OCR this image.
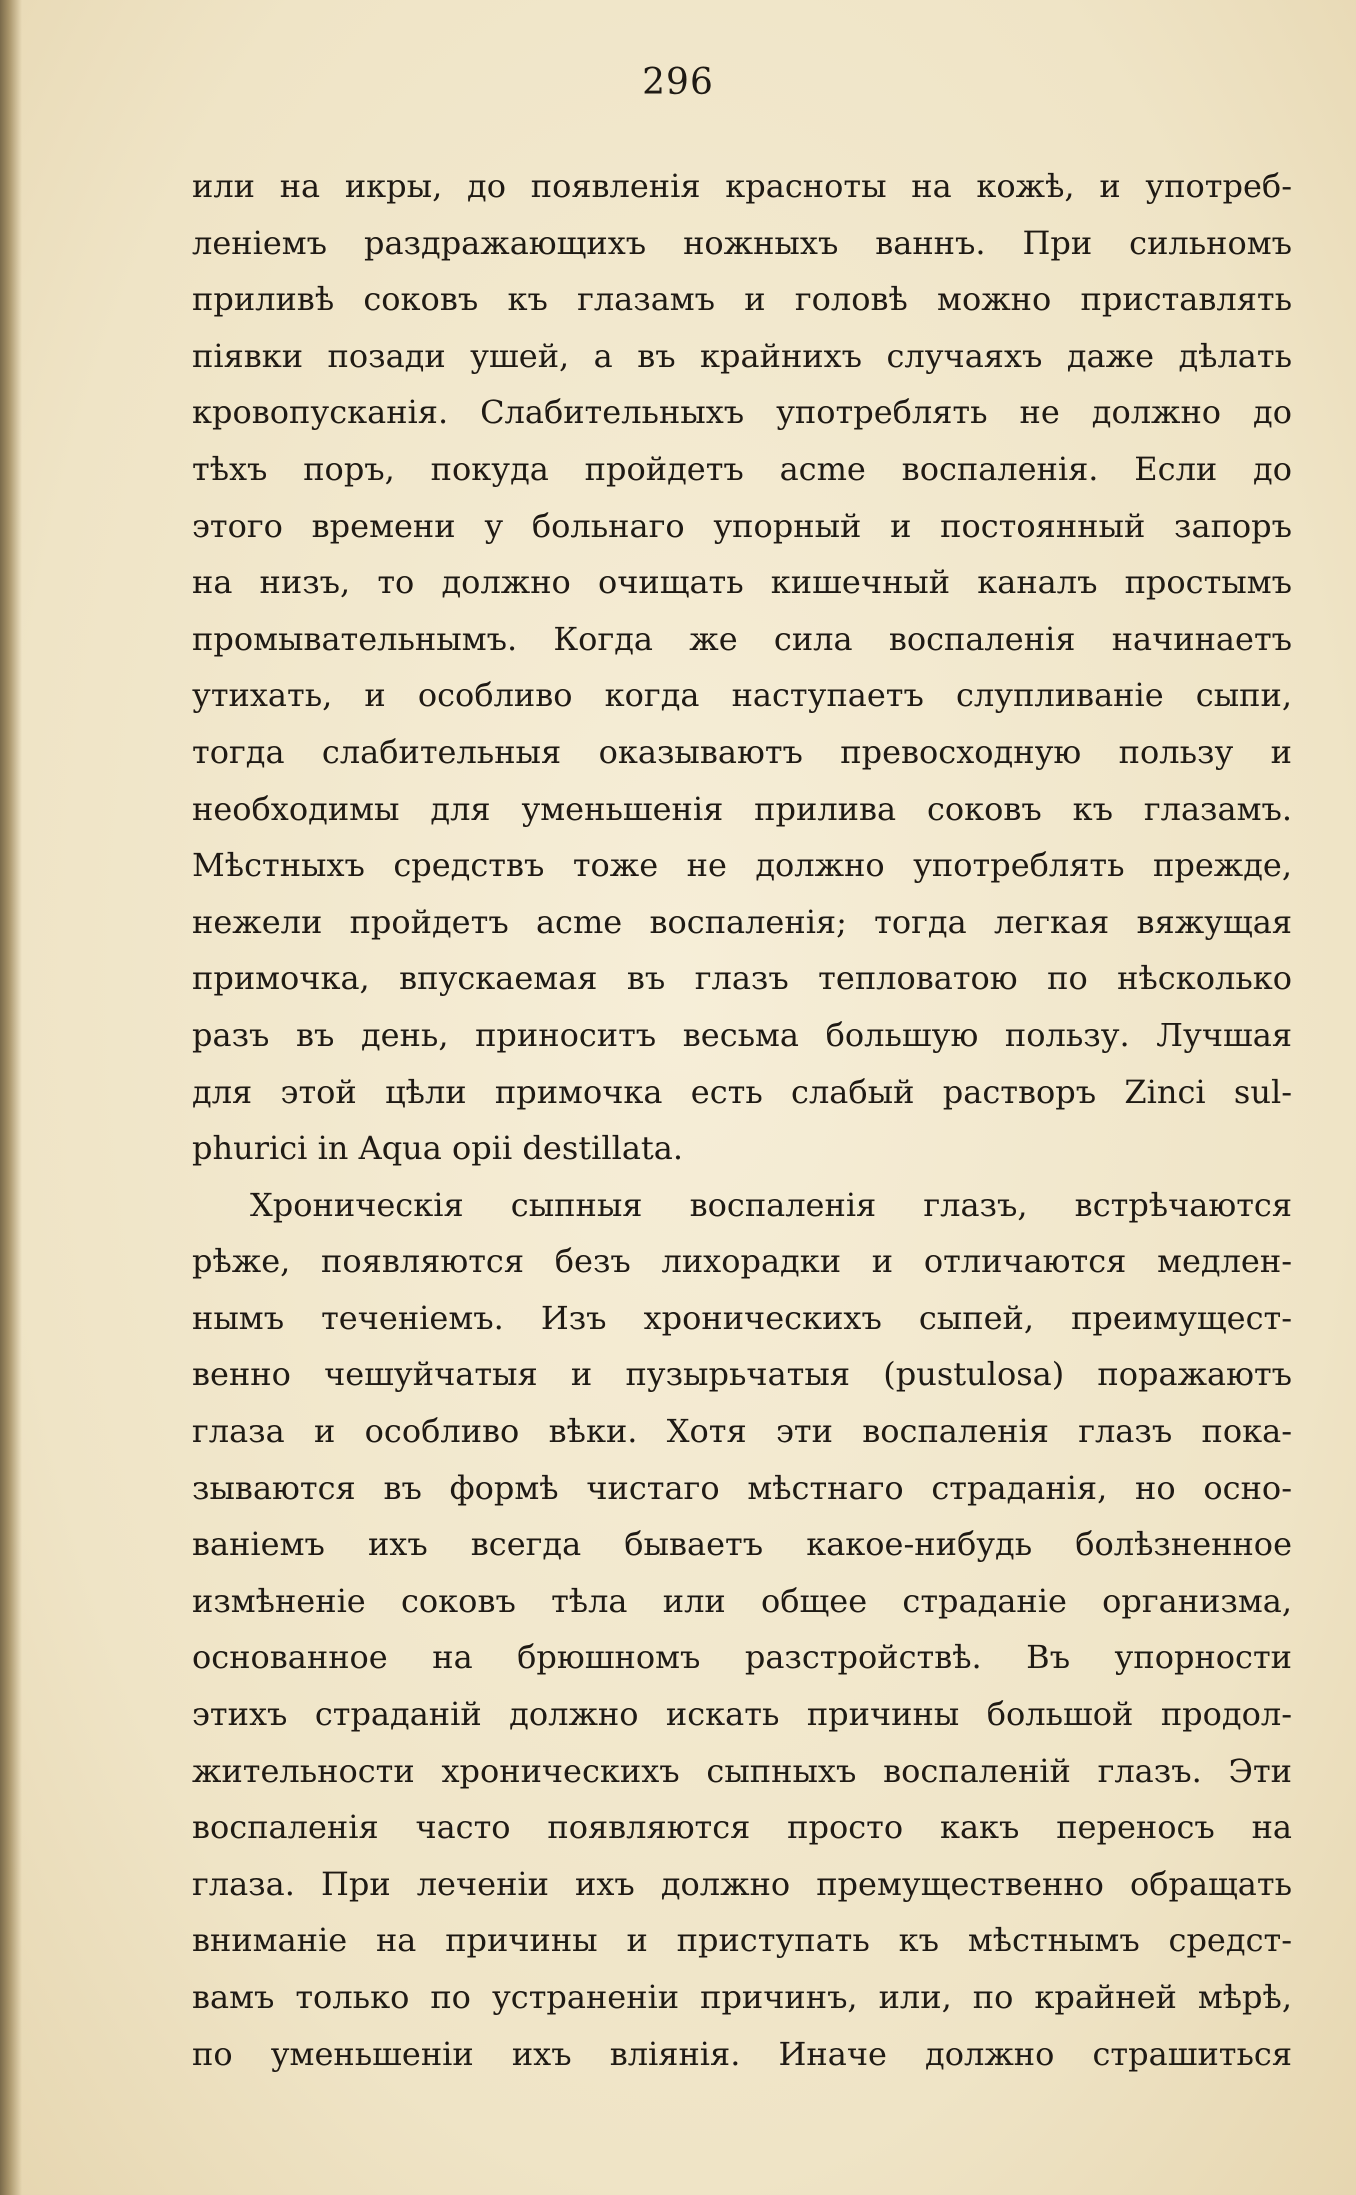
296
или на икры, до появленія красноты на кожѣ, и употреб-
леніемъ раздражающихъ ножныхъ ваннъ. При сильномъ
приливѣ соковъ къ глазамъ и головѣ можно приставлять
піявки позади ушей, а въ крайнихъ случаяхъ даже дѣлать
кровопусканія. Слабительныхъ употреблять не должно до
тѣхъ поръ, покуда пройдетъ acme воспаленія. Если до
этого времени у больнаго упорный и постоянный запоръ
на низъ, то должно очищать кишечный каналъ простымъ
промывательнымъ. Когда же сила воспаленія начинаетъ
утихать, и особливо когда наступаетъ слупливаніе сыпи,
тогда слабительныя оказываютъ превосходную пользу и
необходимы для уменьшенія прилива соковъ къ глазамъ.
Мѣстныхъ средствъ тоже не должно употреблять прежде,
нежели пройдетъ acme воспаленія; тогда легкая вяжущая
примочка, впускаемая въ глазъ тепловатою по нѣсколько
разъ въ день, приноситъ весьма большую пользу. Лучшая
для этой цѣли примочка есть слабый растворъ Zinci sul-
phurici in Aqua opii destillata.
Хроническія сыпныя воспаленія глазъ, встрѣчаются
рѣже, появляются безъ лихорадки и отличаются медлен-
нымъ теченіемъ. Изъ хроническихъ сыпей, преимущест-
венно чешуйчатыя и пузырьчатыя (pustulosa) поражаютъ
глаза и особливо вѣки. Хотя эти воспаленія глазъ пока-
зываются въ формѣ чистаго мѣстнаго страданія, но осно-
ваніемъ ихъ всегда бываетъ какое-нибудь болѣзненное
измѣненіе соковъ тѣла или общее страданіе организма,
основанное на брюшномъ разстройствѣ. Въ упорности
этихъ страданій должно искать причины большой продол-
жительности хроническихъ сыпныхъ воспаленій глазъ. Эти
воспаленія часто появляются просто какъ переносъ на
глаза. При леченіи ихъ должно премущественно обращать
вниманіе на причины и приступать къ мѣстнымъ средст-
вамъ только по устраненіи причинъ, или, по крайней мѣрѣ,
по уменьшеніи ихъ вліянія. Иначе должно страшиться
